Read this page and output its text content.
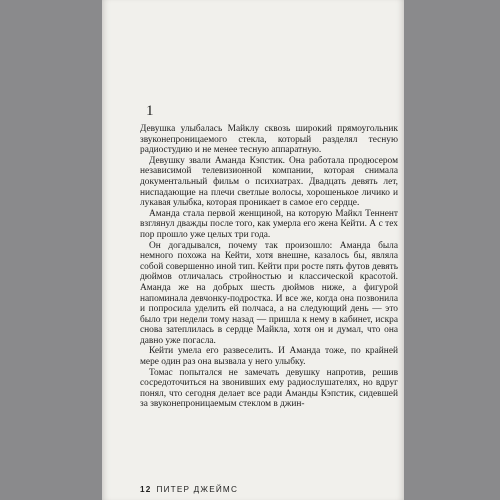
1

Девушка улыбалась Майклу сквозь широкий прямоугольник звуконепроницаемого стекла, который разделял тесную радиостудию и не менее тесную аппаратную.

Девушку звали Аманда Кэпстик. Она работала продюсером независимой телевизионной компании, которая снимала документальный фильм о психиатрах. Двадцать девять лет, ниспадающие на плечи светлые волосы, хорошенькое личико и лукавая улыбка, которая проникает в самое его сердце.

Аманда стала первой женщиной, на которую Майкл Теннент взглянул дважды после того, как умерла его жена Кейти. А с тех пор прошло уже целых три года.

Он догадывался, почему так произошло: Аманда была немного похожа на Кейти, хотя внешне, казалось бы, являла собой совершенно иной тип. Кейти при росте пять футов девять дюймов отличалась стройностью и классической красотой. Аманда же на добрых шесть дюймов ниже, а фигурой напоминала девчонку-подростка. И все же, когда она позвонила и попросила уделить ей полчаса, а на следующий день — это было три недели тому назад — пришла к нему в кабинет, искра снова затеплилась в сердце Майкла, хотя он и думал, что она давно уже погасла.

Кейти умела его развеселить. И Аманда тоже, по крайней мере один раз она вызвала у него улыбку.

Томас попытался не замечать девушку напротив, решив сосредоточиться на звонивших ему радиослушателях, но вдруг понял, что сегодня делает все ради Аманды Кэпстик, сидевшей за звуконепроницаемым стеклом в джин-

12 ПИТЕР ДЖЕЙМС
